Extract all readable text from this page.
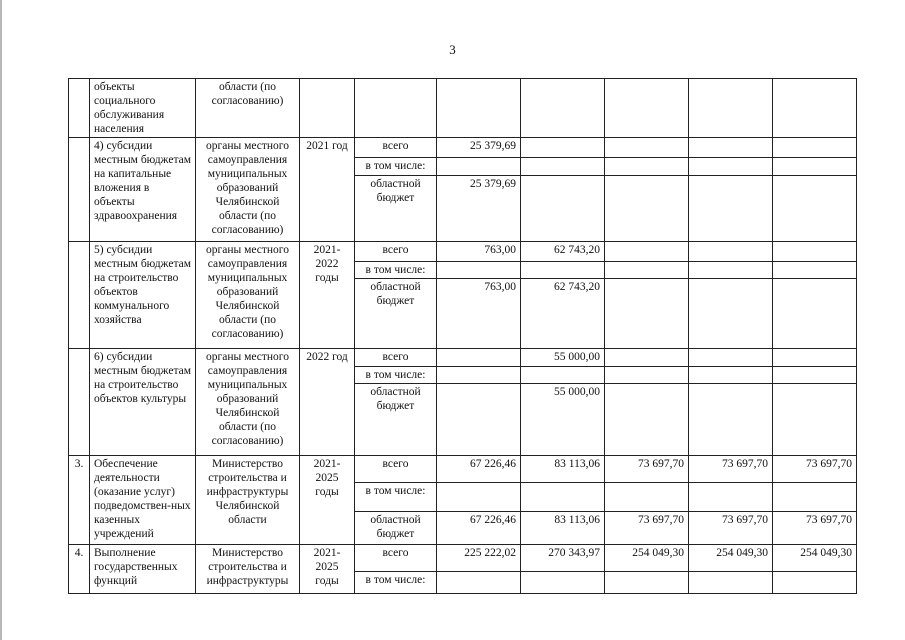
3
	объекты социального обслуживания населения	области (по согласованию)							
	4) субсидии местным бюджетам на капитальные вложения в объекты здравоохранения	органы местного самоуправления муниципальных образований Челябинской области (по согласованию)	2021 год	всего	25 379,69				
				в том числе:					
				областной бюджет	25 379,69				
	5) субсидии местным бюджетам на строительство объектов коммунального хозяйства	органы местного самоуправления муниципальных образований Челябинской области (по согласованию)	2021- 2022 годы	всего	763,00	62 743,20			
				в том числе:					
				областной бюджет	763,00	62 743,20			
	6) субсидии местным бюджетам на строительство объектов культуры	органы местного самоуправления муниципальных образований Челябинской области (по согласованию)	2022 год	всего		55 000,00			
				в том числе:					
				областной бюджет		55 000,00			
3.	Обеспечение деятельности (оказание услуг) подведомствен-ных казенных учреждений	Министерство строительства и инфраструктуры Челябинской области	2021- 2025 годы	всего	67 226,46	83 113,06	73 697,70	73 697,70	73 697,70
				в том числе:					
				областной бюджет	67 226,46	83 113,06	73 697,70	73 697,70	73 697,70
4.	Выполнение государственных функций	Министерство строительства и инфраструктуры	2021- 2025 годы	всего	225 222,02	270 343,97	254 049,30	254 049,30	254 049,30
				в том числе:					
